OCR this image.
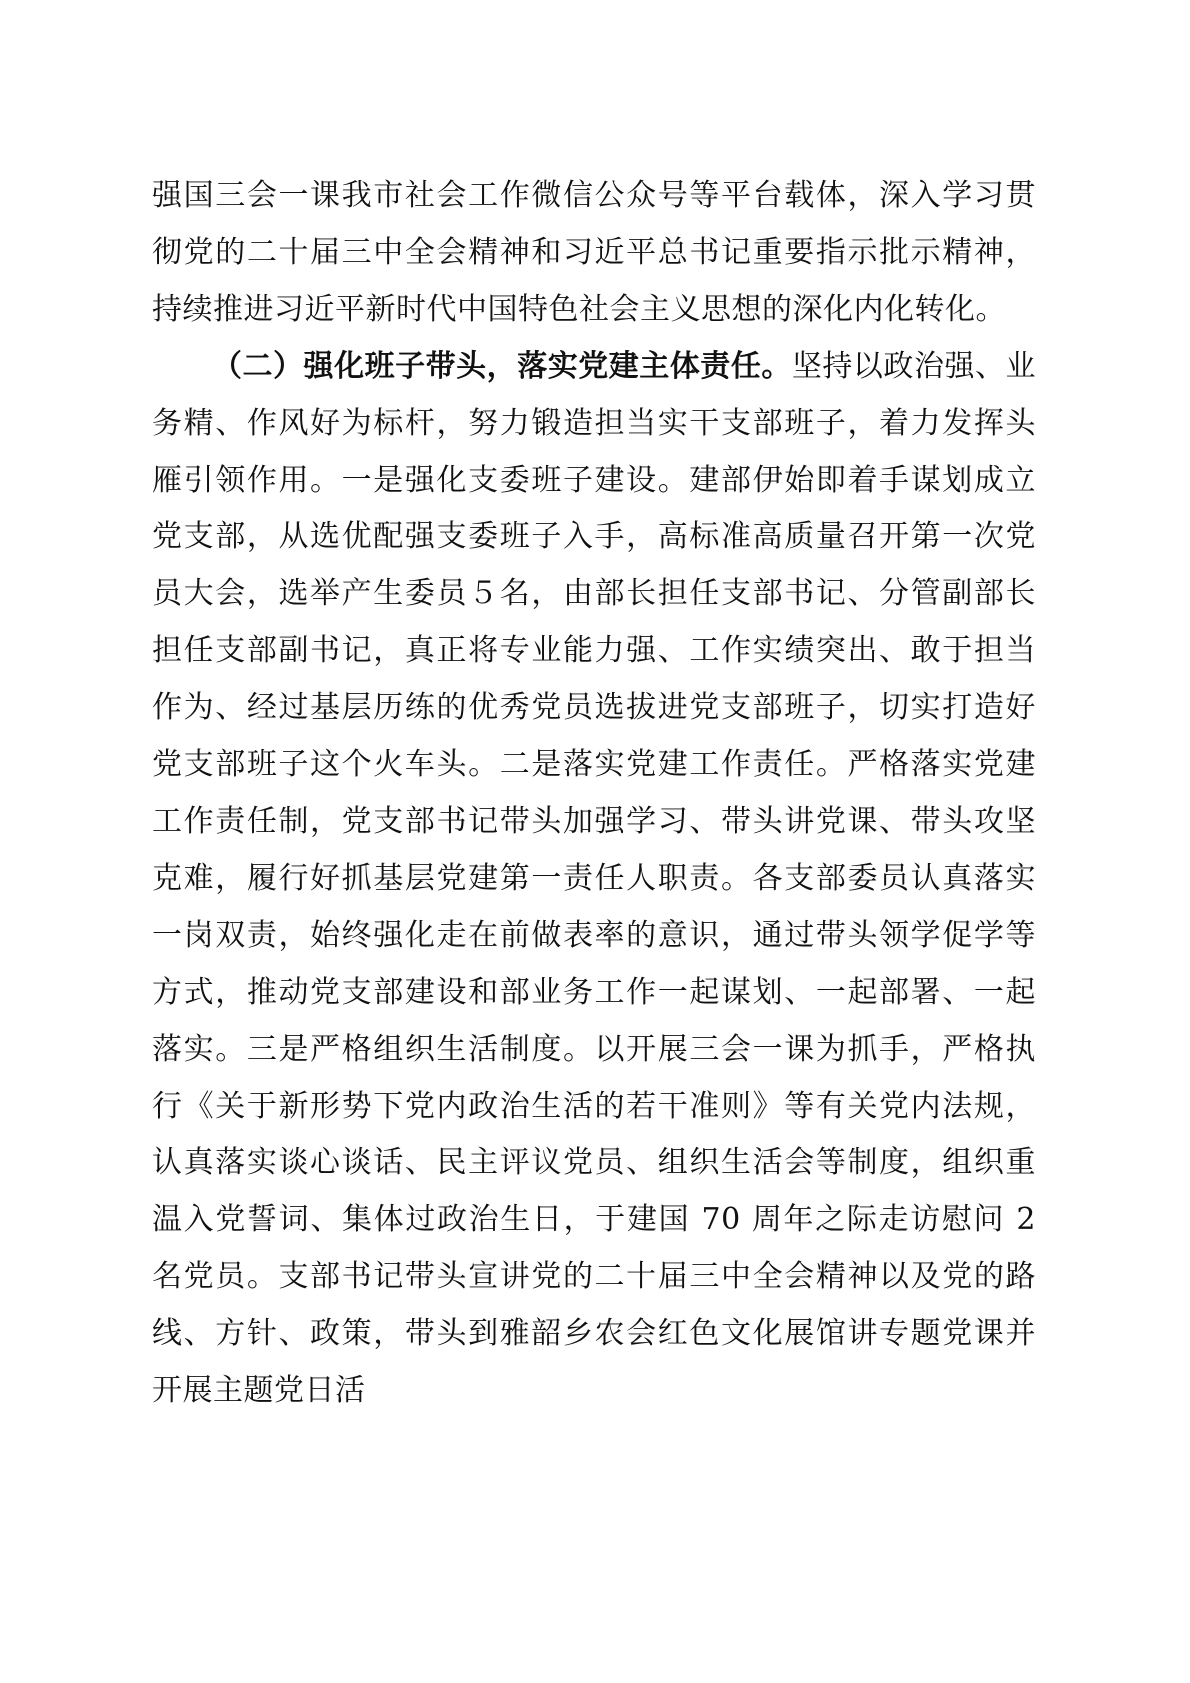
强国三会一课我市社会工作微信公众号等平台载体，深入学习贯彻党的二十届三中全会精神和习近平总书记重要指示批示精神，持续推进习近平新时代中国特色社会主义思想的深化内化转化。

（二）强化班子带头，落实党建主体责任。坚持以政治强、业务精、作风好为标杆，努力锻造担当实干支部班子，着力发挥头雁引领作用。一是强化支委班子建设。建部伊始即着手谋划成立党支部，从选优配强支委班子入手，高标准高质量召开第一次党员大会，选举产生委员５名，由部长担任支部书记、分管副部长担任支部副书记，真正将专业能力强、工作实绩突出、敢于担当作为、经过基层历练的优秀党员选拔进党支部班子，切实打造好党支部班子这个火车头。二是落实党建工作责任。严格落实党建工作责任制，党支部书记带头加强学习、带头讲党课、带头攻坚克难，履行好抓基层党建第一责任人职责。各支部委员认真落实一岗双责，始终强化走在前做表率的意识，通过带头领学促学等方式，推动党支部建设和部业务工作一起谋划、一起部署、一起落实。三是严格组织生活制度。以开展三会一课为抓手，严格执行《关于新形势下党内政治生活的若干准则》等有关党内法规，认真落实谈心谈话、民主评议党员、组织生活会等制度，组织重温入党誓词、集体过政治生日，于建国 70 周年之际走访慰问 2 名党员。支部书记带头宣讲党的二十届三中全会精神以及党的路线、方针、政策，带头到雅韶乡农会红色文化展馆讲专题党课并开展主题党日活
